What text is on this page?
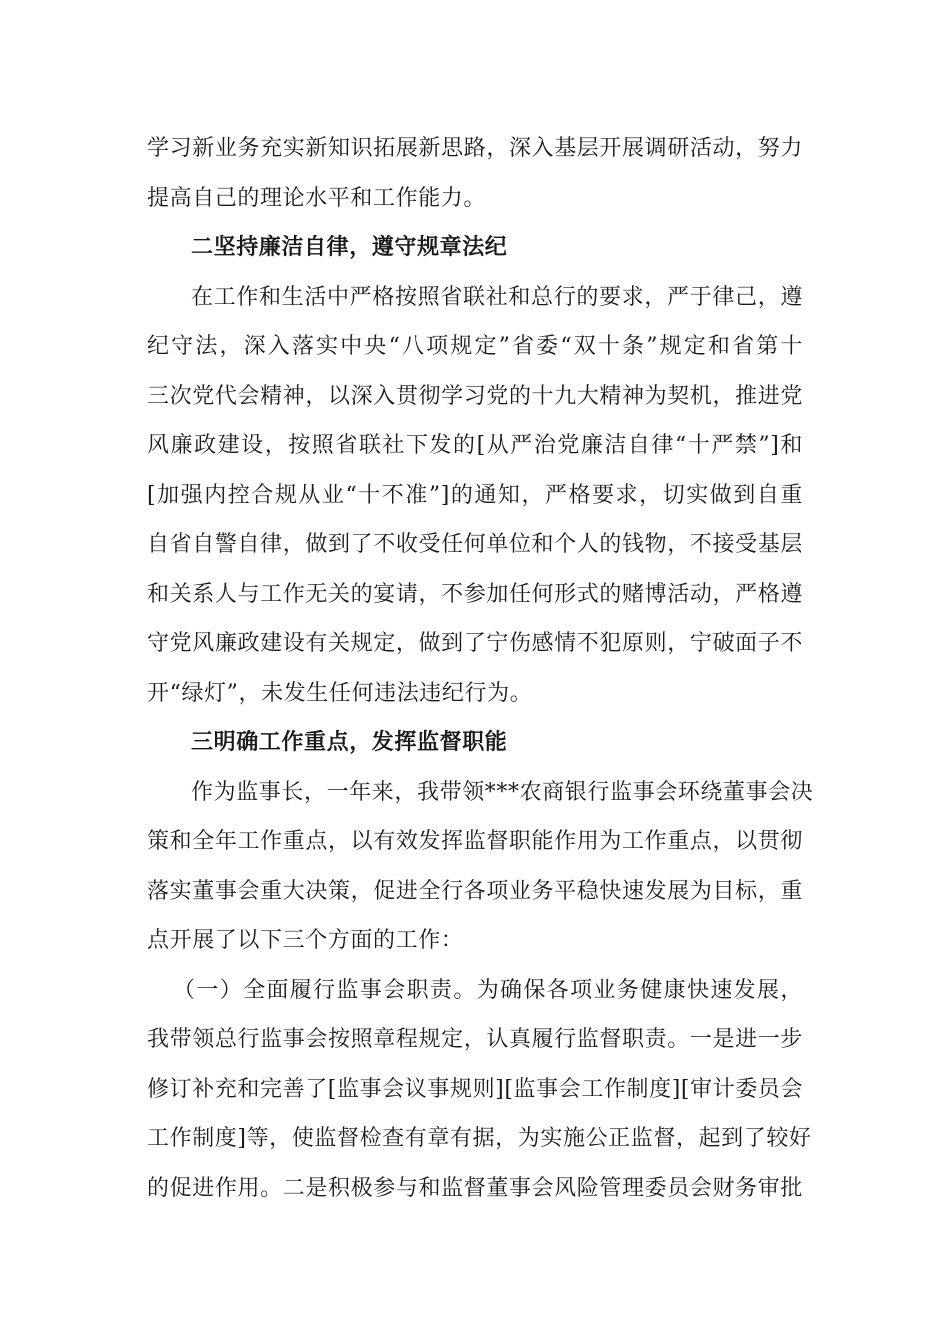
学习新业务充实新知识拓展新思路，深入基层开展调研活动，努力
提高自己的理论水平和工作能力。
二坚持廉洁自律，遵守规章法纪
在工作和生活中严格按照省联社和总行的要求，严于律己，遵
纪守法，深入落实中央“八项规定”省委“双十条”规定和省第十
三次党代会精神，以深入贯彻学习党的十九大精神为契机，推进党
风廉政建设，按照省联社下发的[从严治党廉洁自律“十严禁”]和
[加强内控合规从业“十不准”]的通知，严格要求，切实做到自重
自省自警自律，做到了不收受任何单位和个人的钱物，不接受基层
和关系人与工作无关的宴请，不参加任何形式的赌博活动，严格遵
守党风廉政建设有关规定，做到了宁伤感情不犯原则，宁破面子不
开“绿灯”，未发生任何违法违纪行为。
三明确工作重点，发挥监督职能
作为监事长，一年来，我带领***农商银行监事会环绕董事会决
策和全年工作重点，以有效发挥监督职能作用为工作重点，以贯彻
落实董事会重大决策，促进全行各项业务平稳快速发展为目标，重
点开展了以下三个方面的工作：
（一）全面履行监事会职责。为确保各项业务健康快速发展，
我带领总行监事会按照章程规定，认真履行监督职责。一是进一步
修订补充和完善了[监事会议事规则][监事会工作制度][审计委员会
工作制度]等，使监督检查有章有据，为实施公正监督，起到了较好
的促进作用。二是积极参与和监督董事会风险管理委员会财务审批
